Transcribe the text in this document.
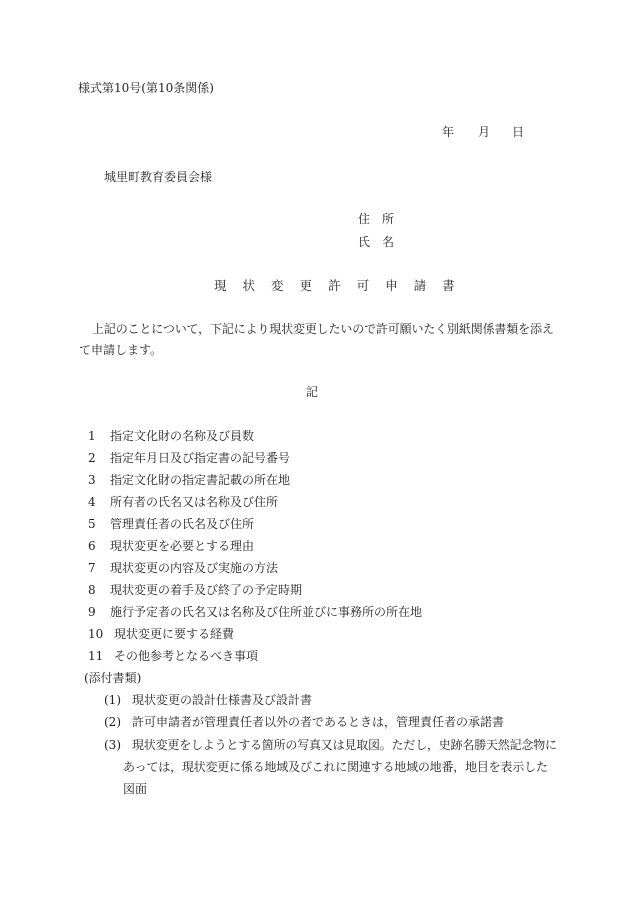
様式第10号(第10条関係)
年 月 日
城里町教育委員会様
住　所
氏　名
現 状 変 更 許 可 申 請 書
上記のことについて，下記により現状変更したいので許可願いたく別紙関係書類を添え
て申請します。
記
1 指定文化財の名称及び員数
2 指定年月日及び指定書の記号番号
3 指定文化財の指定書記載の所在地
4 所有者の氏名又は名称及び住所
5 管理責任者の氏名及び住所
6 現状変更を必要とする理由
7 現状変更の内容及び実施の方法
8 現状変更の着手及び終了の予定時期
9 施行予定者の氏名又は名称及び住所並びに事務所の所在地
10 現状変更に要する経費
11 その他参考となるべき事項
(添付書類)
(1) 現状変更の設計仕様書及び設計書
(2) 許可申請者が管理責任者以外の者であるときは，管理責任者の承諾書
(3) 現状変更をしようとする箇所の写真又は見取図。ただし，史跡名勝天然記念物に
あっては，現状変更に係る地域及びこれに関連する地域の地番，地目を表示した
図面
